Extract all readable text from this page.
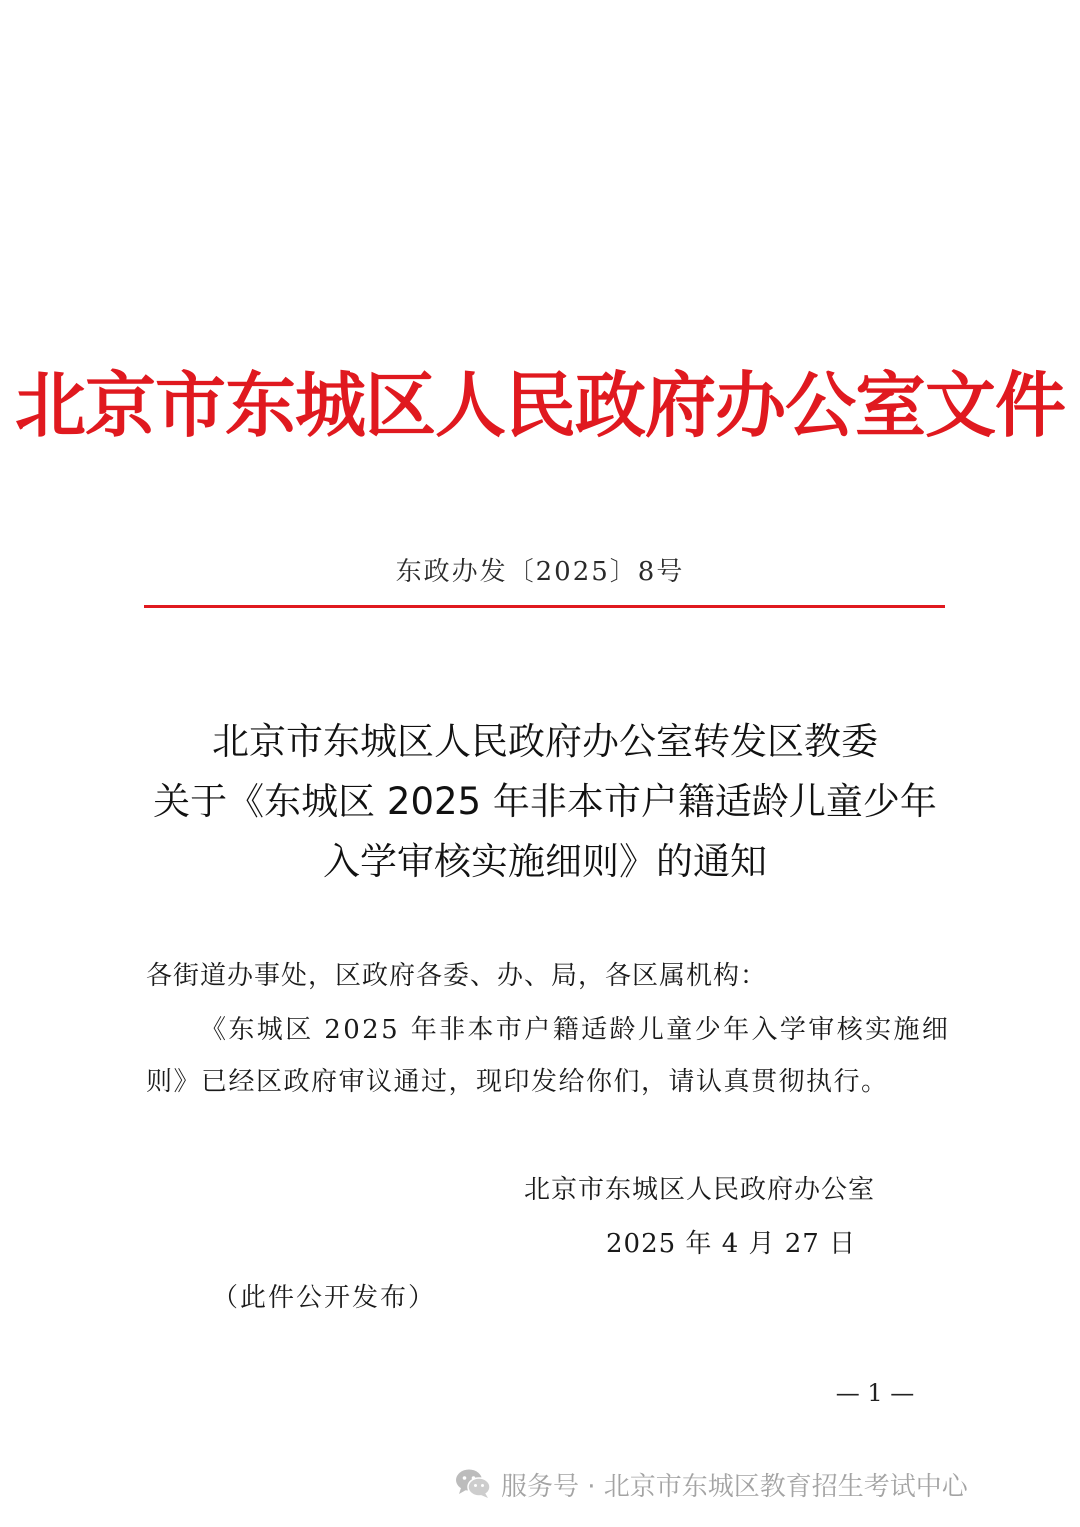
北京市东城区人民政府办公室文件
东政办发〔2025〕8号
北京市东城区人民政府办公室转发区教委
关于《东城区 2025 年非本市户籍适龄儿童少年
入学审核实施细则》的通知
各街道办事处，区政府各委、办、局，各区属机构：
《东城区 2025 年非本市户籍适龄儿童少年入学审核实施细
则》已经区政府审议通过，现印发给你们，请认真贯彻执行。
北京市东城区人民政府办公室
2025 年 4 月 27 日
（此件公开发布）
— 1 —
服务号 · 北京市东城区教育招生考试中心
